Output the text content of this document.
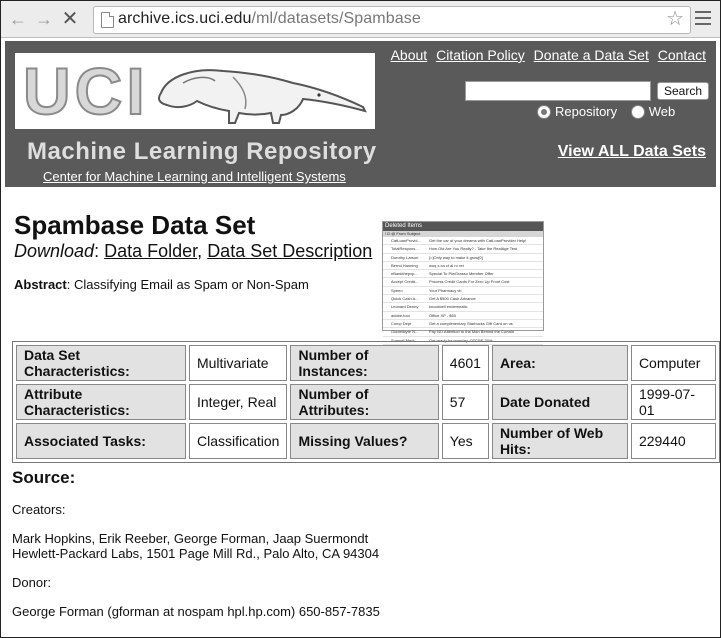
← → ✕ archive.ics.uci.edu/ml/datasets/Spambase	☆
UCI	About Citation Policy Donate a Data Set Contact
Search
Repository Web
Machine Learning Repository
Center for Machine Learning and Intelligent Systems
View ALL Data Sets
Spambase Data Set
Download: Data Folder, Data Set Description
Abstract: Classifying Email as Spam or Non-Spam
Deleted Items
! D @ From Subject
CatLoanProvid... Get the car of your dreams with CatLoanProvider Help!
TotalRespons...	How Old Are You Really? - Take the RealAge Test
Dorothy Larson	[=]Only way to make it grow[0]
Bernd Hanning	wuq s ca ct al ro ret
eBankthepvp...	Special To PiwGrasso Member Offer
Accept Credit...	Process Credit Cards For Zero Up Front Cost
Speeo	Your Pharmacy vb
Quick Cash A...	Get A $500 Cash Advance
Leonard Denny	knockbell endemnatic
adobe.tool	Office XP - $60
Comp Dept	Get a complimentary Starbucks Gift Card on us
Guidelibyte N...	Pay NO Attention to the Man Behind the Curtain
Summit Medi...	Get ready for monday. OTCPE 30%
Data Set Characteristics:	Multivariate	Number of Instances:	4601	Area:	Computer
Attribute Characteristics:	Integer, Real	Number of Attributes:	57	Date Donated	1999-07-01
Associated Tasks:	Classification	Missing Values?	Yes	Number of Web Hits:	229440
Source:
Creators:
Mark Hopkins, Erik Reeber, George Forman, Jaap Suermondt
Hewlett-Packard Labs, 1501 Page Mill Rd., Palo Alto, CA 94304
Donor:
George Forman (gforman at nospam hpl.hp.com) 650-857-7835
